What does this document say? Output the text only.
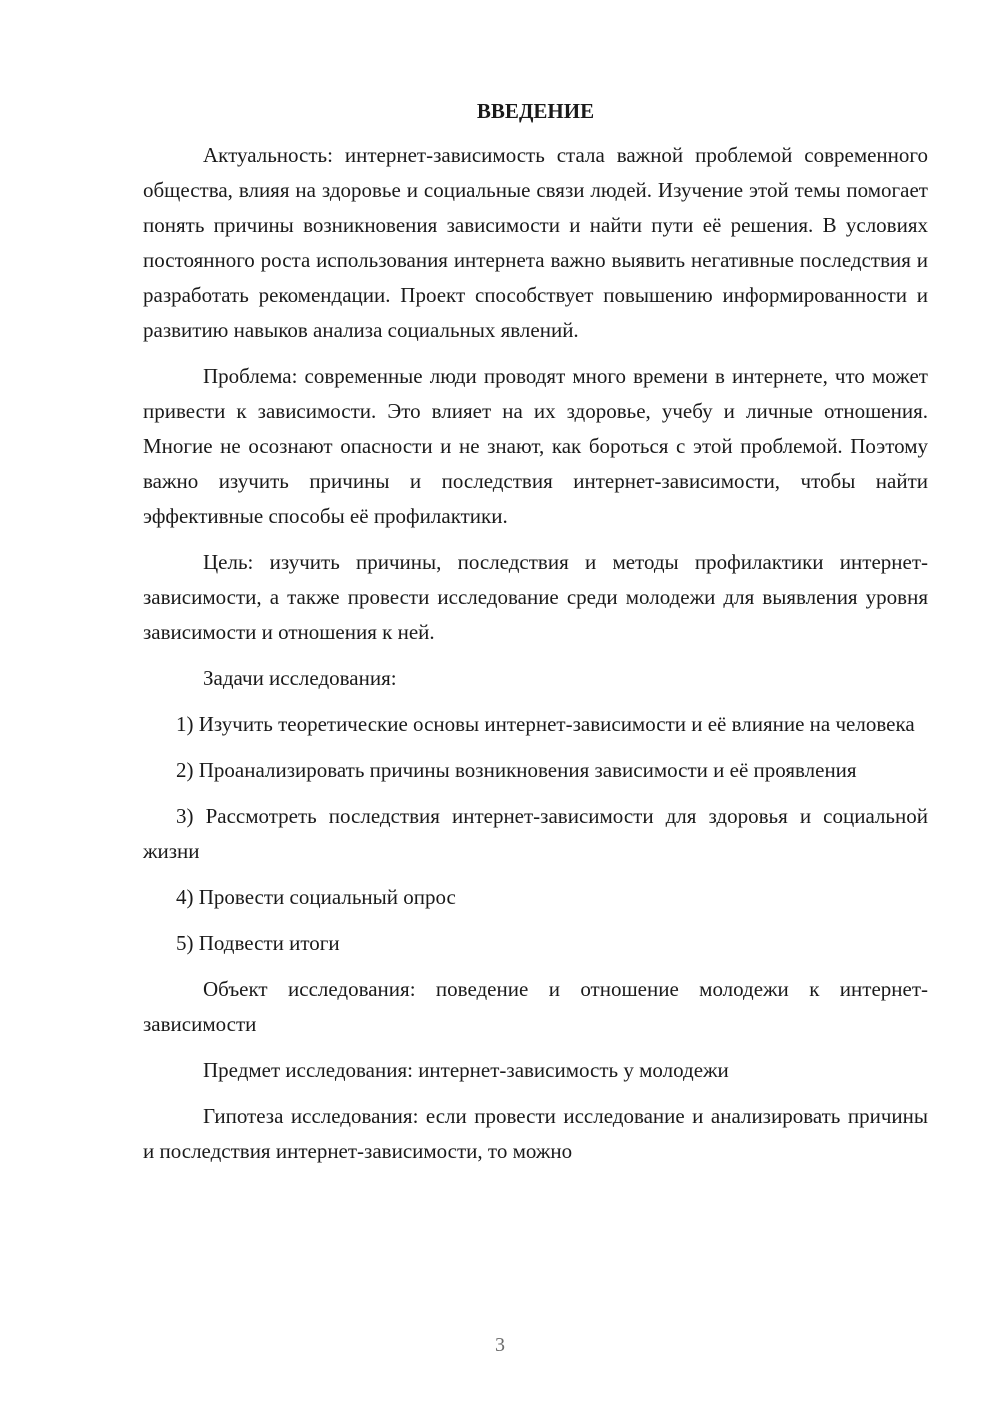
ВВЕДЕНИЕ

Актуальность: интернет-зависимость стала важной проблемой современного общества, влияя на здоровье и социальные связи людей. Изучение этой темы помогает понять причины возникновения зависимости и найти пути её решения. В условиях постоянного роста использования интернета важно выявить негативные последствия и разработать рекомендации. Проект способствует повышению информированности и развитию навыков анализа социальных явлений.

Проблема: современные люди проводят много времени в интернете, что может привести к зависимости. Это влияет на их здоровье, учебу и личные отношения. Многие не осознают опасности и не знают, как бороться с этой проблемой. Поэтому важно изучить причины и последствия интернет-зависимости, чтобы найти эффективные способы её профилактики.

Цель: изучить причины, последствия и методы профилактики интернет-зависимости, а также провести исследование среди молодежи для выявления уровня зависимости и отношения к ней.

Задачи исследования:

1) Изучить теоретические основы интернет-зависимости и её влияние на человека

2) Проанализировать причины возникновения зависимости и её проявления

3) Рассмотреть последствия интернет-зависимости для здоровья и социальной жизни

4) Провести социальный опрос

5) Подвести итоги

Объект исследования: поведение и отношение молодежи к интернет-зависимости

Предмет исследования: интернет-зависимость у молодежи

Гипотеза исследования: если провести исследование и анализировать причины и последствия интернет-зависимости, то можно

3
